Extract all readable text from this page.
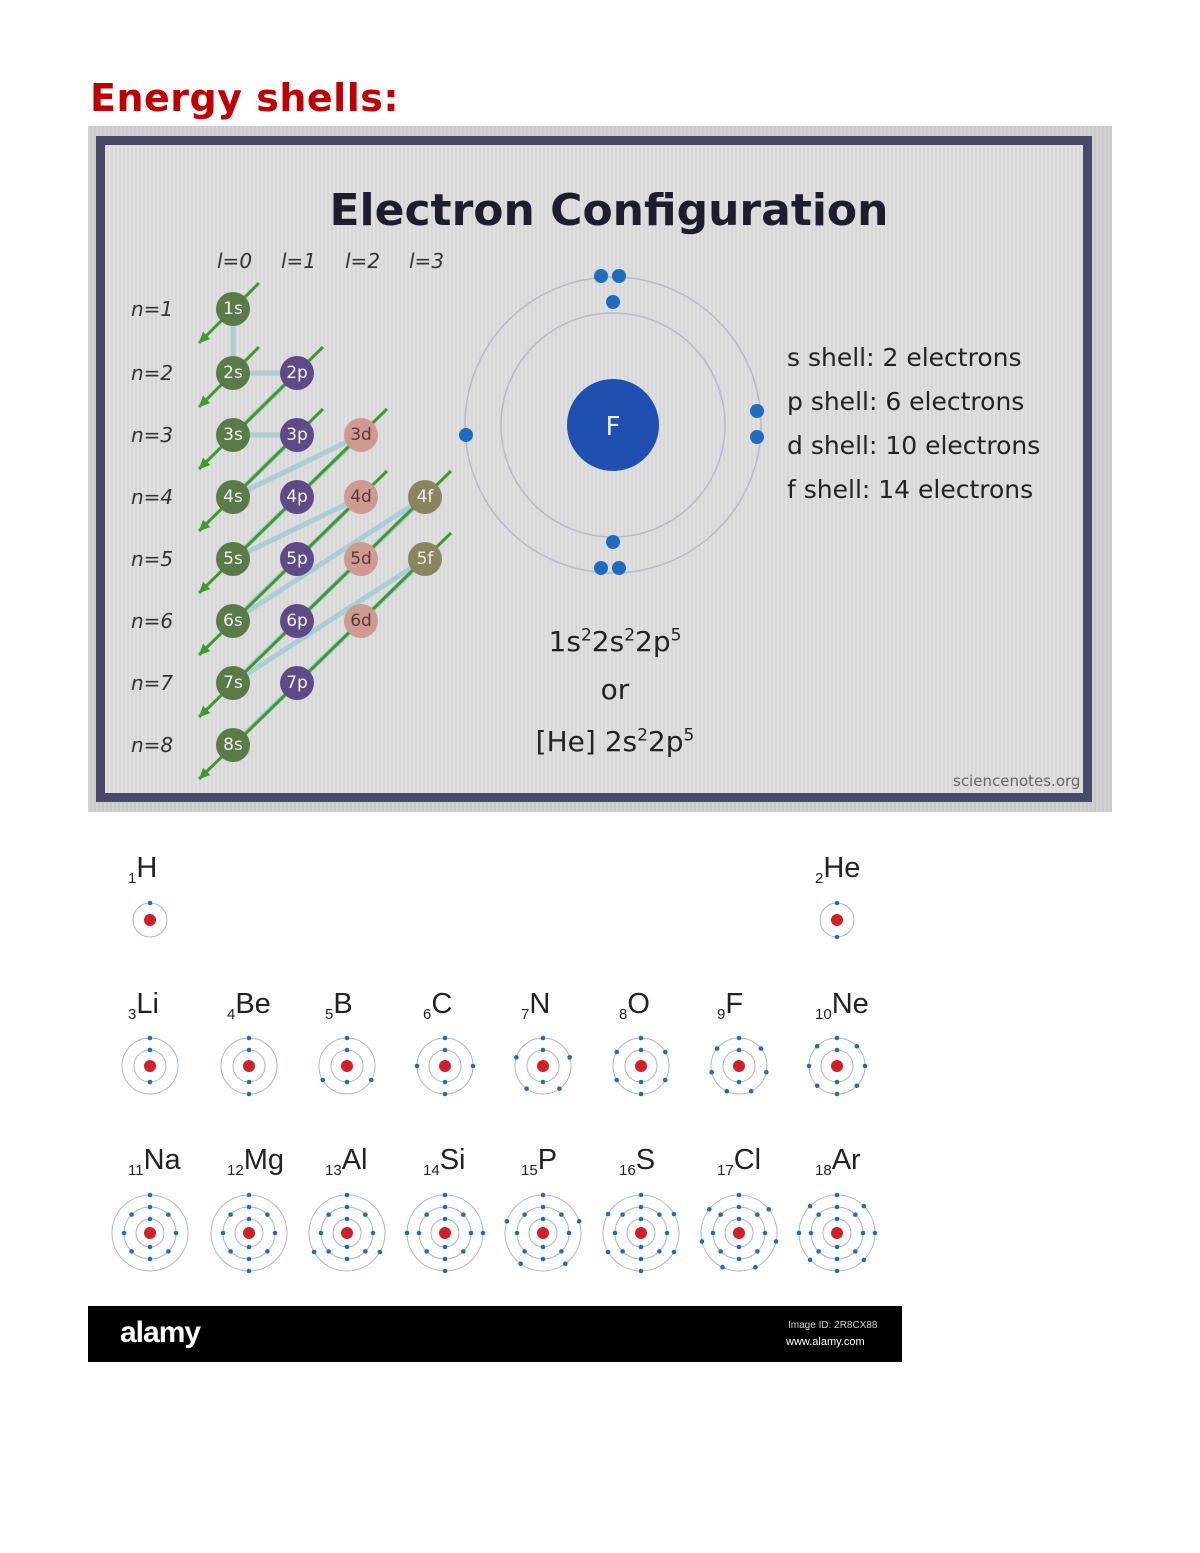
Energy shells:
F
Electron Configuration
l=0 l=1 l=2 l=3
n=1
n=2
n=3
n=4
n=5
n=6
n=7
n=8
1s
2s	2p
3s	3p	3d
4s	4p	4d	4f
5s	5p	5d	5f
6s	6p	6d
7s	7p
8s
s shell: 2 electrons
p shell: 6 electrons
d shell: 10 electrons
f shell: 14 electrons
$1s^22s^22p^5$
or
[He] $2s^22p^5$
sciencenotes.org
$_1$H	$_2$He
$_3$Li	$_4$Be	$_5$B	$_6$C	$_7$N	$_8$O	$_9$F	$_{10}$Ne
$_{11}$Na	$_{12}$Mg	$_{13}$Al	$_{14}$Si	$_{15}$P	$_{16}$S	$_{17}$Cl	$_{18}$Ar
alamy	Image ID: 2R8CX88
www.alamy.com
